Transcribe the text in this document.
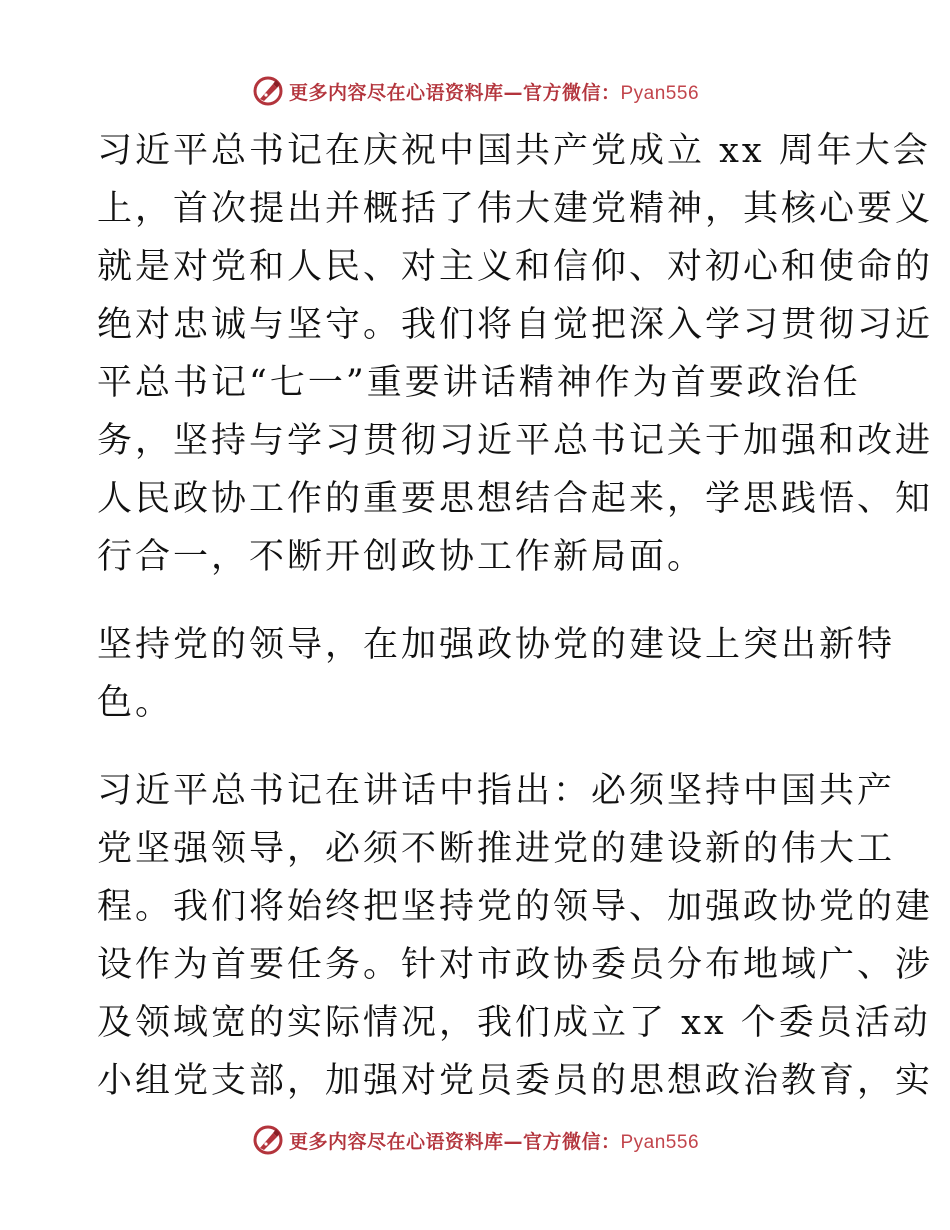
更多内容尽在心语资料库—官方微信：Pyan556

习近平总书记在庆祝中国共产党成立 xx 周年大会

上，首次提出并概括了伟大建党精神，其核心要义

就是对党和人民、对主义和信仰、对初心和使命的

绝对忠诚与坚守。我们将自觉把深入学习贯彻习近

平总书记“七一”重要讲话精神作为首要政治任

务，坚持与学习贯彻习近平总书记关于加强和改进

人民政协工作的重要思想结合起来，学思践悟、知

行合一，不断开创政协工作新局面。

坚持党的领导，在加强政协党的建设上突出新特

色。

习近平总书记在讲话中指出：必须坚持中国共产

党坚强领导，必须不断推进党的建设新的伟大工

程。我们将始终把坚持党的领导、加强政协党的建

设作为首要任务。针对市政协委员分布地域广、涉

及领域宽的实际情况，我们成立了 xx 个委员活动

小组党支部，加强对党员委员的思想政治教育，实

更多内容尽在心语资料库—官方微信：Pyan556
